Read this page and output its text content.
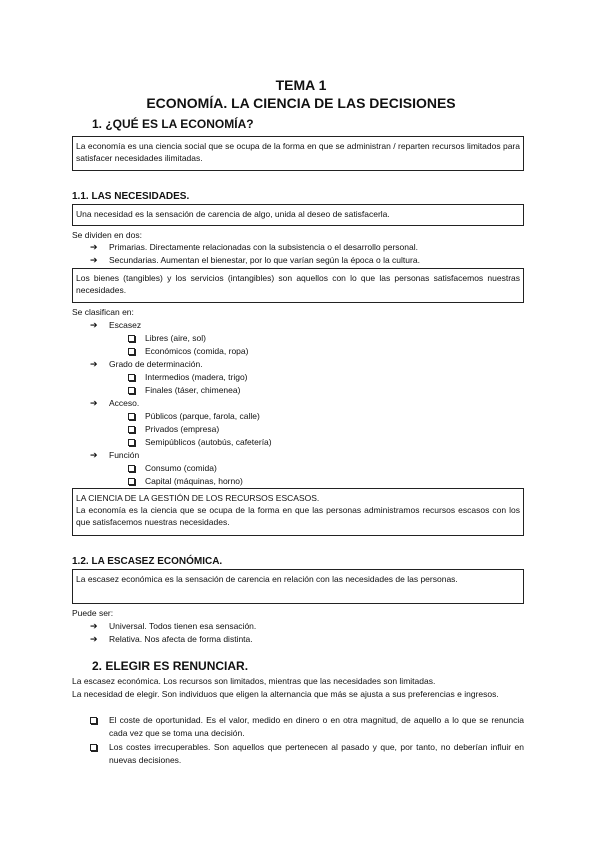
TEMA 1
ECONOMÍA. LA CIENCIA DE LAS DECISIONES
1. ¿QUÉ ES LA ECONOMÍA?
La economía es una ciencia social que se ocupa de la forma en que se administran / reparten recursos limitados para satisfacer necesidades ilimitadas.
1.1. LAS NECESIDADES.
Una necesidad es la sensación de carencia de algo, unida al deseo de satisfacerla.
Se dividen en dos:
➔ Primarias. Directamente relacionadas con la subsistencia o el desarrollo personal.
➔ Secundarias. Aumentan el bienestar, por lo que varían según la época o la cultura.
Los bienes (tangibles) y los servicios (intangibles) son aquellos con lo que las personas satisfacemos nuestras necesidades.
Se clasifican en:
➔ Escasez
Libres (aire, sol)
Económicos (comida, ropa)
➔ Grado de determinación.
Intermedios (madera, trigo)
Finales (táser, chimenea)
➔ Acceso.
Públicos (parque, farola, calle)
Privados (empresa)
Semipúblicos (autobús, cafetería)
➔ Función
Consumo (comida)
Capital (máquinas, horno)
LA CIENCIA DE LA GESTIÓN DE LOS RECURSOS ESCASOS.
La economía es la ciencia que se ocupa de la forma en que las personas administramos recursos escasos con los que satisfacemos nuestras necesidades.
1.2. LA ESCASEZ ECONÓMICA.
La escasez económica es la sensación de carencia en relación con las necesidades de las personas.
Puede ser:
➔ Universal. Todos tienen esa sensación.
➔ Relativa. Nos afecta de forma distinta.
2. ELEGIR ES RENUNCIAR.
La escasez económica. Los recursos son limitados, mientras que las necesidades son limitadas.
La necesidad de elegir. Son individuos que eligen la alternancia que más se ajusta a sus preferencias e ingresos.
El coste de oportunidad. Es el valor, medido en dinero o en otra magnitud, de aquello a lo que se renuncia cada vez que se toma una decisión.
Los costes irrecuperables. Son aquellos que pertenecen al pasado y que, por tanto, no deberían influir en nuevas decisiones.
